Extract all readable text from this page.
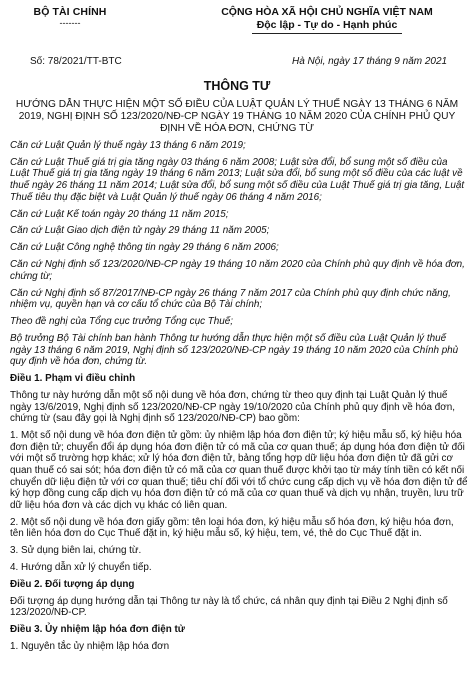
BỘ TÀI CHÍNH
-------
CỘNG HÒA XÃ HỘI CHỦ NGHĨA VIỆT NAM
Độc lập - Tự do - Hạnh phúc
Số: 78/2021/TT-BTC	Hà Nội, ngày 17 tháng 9 năm 2021
THÔNG TƯ
HƯỚNG DẪN THỰC HIỆN MỘT SỐ ĐIỀU CỦA LUẬT QUẢN LÝ THUẾ NGÀY 13 THÁNG 6 NĂM 2019, NGHỊ ĐỊNH SỐ 123/2020/NĐ-CP NGÀY 19 THÁNG 10 NĂM 2020 CỦA CHÍNH PHỦ QUY ĐỊNH VỀ HÓA ĐƠN, CHỨNG TỪ

Căn cứ Luật Quản lý thuế ngày 13 tháng 6 năm 2019;

Căn cứ Luật Thuế giá trị gia tăng ngày 03 tháng 6 năm 2008; Luật sửa đổi, bổ sung một số điều của Luật Thuế giá trị gia tăng ngày 19 tháng 6 năm 2013; Luật sửa đổi, bổ sung một số điều của các luật về thuế ngày 26 tháng 11 năm 2014; Luật sửa đổi, bổ sung một số điều của Luật Thuế giá trị gia tăng, Luật Thuế tiêu thụ đặc biệt và Luật Quản lý thuế ngày 06 tháng 4 năm 2016;

Căn cứ Luật Kế toán ngày 20 tháng 11 năm 2015;

Căn cứ Luật Giao dịch điện tử ngày 29 tháng 11 năm 2005;

Căn cứ Luật Công nghệ thông tin ngày 29 tháng 6 năm 2006;

Căn cứ Nghị định số 123/2020/NĐ-CP ngày 19 tháng 10 năm 2020 của Chính phủ quy định về hóa đơn, chứng từ;

Căn cứ Nghị định số 87/2017/NĐ-CP ngày 26 tháng 7 năm 2017 của Chính phủ quy định chức năng, nhiệm vụ, quyền hạn và cơ cấu tổ chức của Bộ Tài chính;

Theo đề nghị của Tổng cục trưởng Tổng cục Thuế;

Bộ trưởng Bộ Tài chính ban hành Thông tư hướng dẫn thực hiện một số điều của Luật Quản lý thuế ngày 13 tháng 6 năm 2019, Nghị định số 123/2020/NĐ-CP ngày 19 tháng 10 năm 2020 của Chính phủ quy định về hóa đơn, chứng từ.

Điều 1. Phạm vi điều chỉnh

Thông tư này hướng dẫn một số nội dung về hóa đơn, chứng từ theo quy định tại Luật Quản lý thuế ngày 13/6/2019, Nghị định số 123/2020/NĐ-CP ngày 19/10/2020 của Chính phủ quy định về hóa đơn, chứng từ (sau đây gọi là Nghị định số 123/2020/NĐ-CP) bao gồm:

1. Một số nội dung về hóa đơn điện tử gồm: ủy nhiệm lập hóa đơn điện tử; ký hiệu mẫu số, ký hiệu hóa đơn điện tử; chuyển đổi áp dụng hóa đơn điện tử có mã của cơ quan thuế; áp dụng hóa đơn điện tử đối với một số trường hợp khác; xử lý hóa đơn điện tử, bảng tổng hợp dữ liệu hóa đơn điện tử đã gửi cơ quan thuế có sai sót; hóa đơn điện tử có mã của cơ quan thuế được khởi tạo từ máy tính tiền có kết nối chuyển dữ liệu điện tử với cơ quan thuế; tiêu chí đối với tổ chức cung cấp dịch vụ về hóa đơn điện tử để ký hợp đồng cung cấp dịch vụ hóa đơn điện tử có mã của cơ quan thuế và dịch vụ nhận, truyền, lưu trữ dữ liệu hóa đơn và các dịch vụ khác có liên quan.

2. Một số nội dung về hóa đơn giấy gồm: tên loại hóa đơn, ký hiệu mẫu số hóa đơn, ký hiệu hóa đơn, tên liên hóa đơn do Cục Thuế đặt in, ký hiệu mẫu số, ký hiệu, tem, vé, thẻ do Cục Thuế đặt in.

3. Sử dụng biên lai, chứng từ.

4. Hướng dẫn xử lý chuyển tiếp.

Điều 2. Đối tượng áp dụng

Đối tượng áp dụng hướng dẫn tại Thông tư này là tổ chức, cá nhân quy định tại Điều 2 Nghị định số 123/2020/NĐ-CP.

Điều 3. Ủy nhiệm lập hóa đơn điện tử

1. Nguyên tắc ủy nhiệm lập hóa đơn
